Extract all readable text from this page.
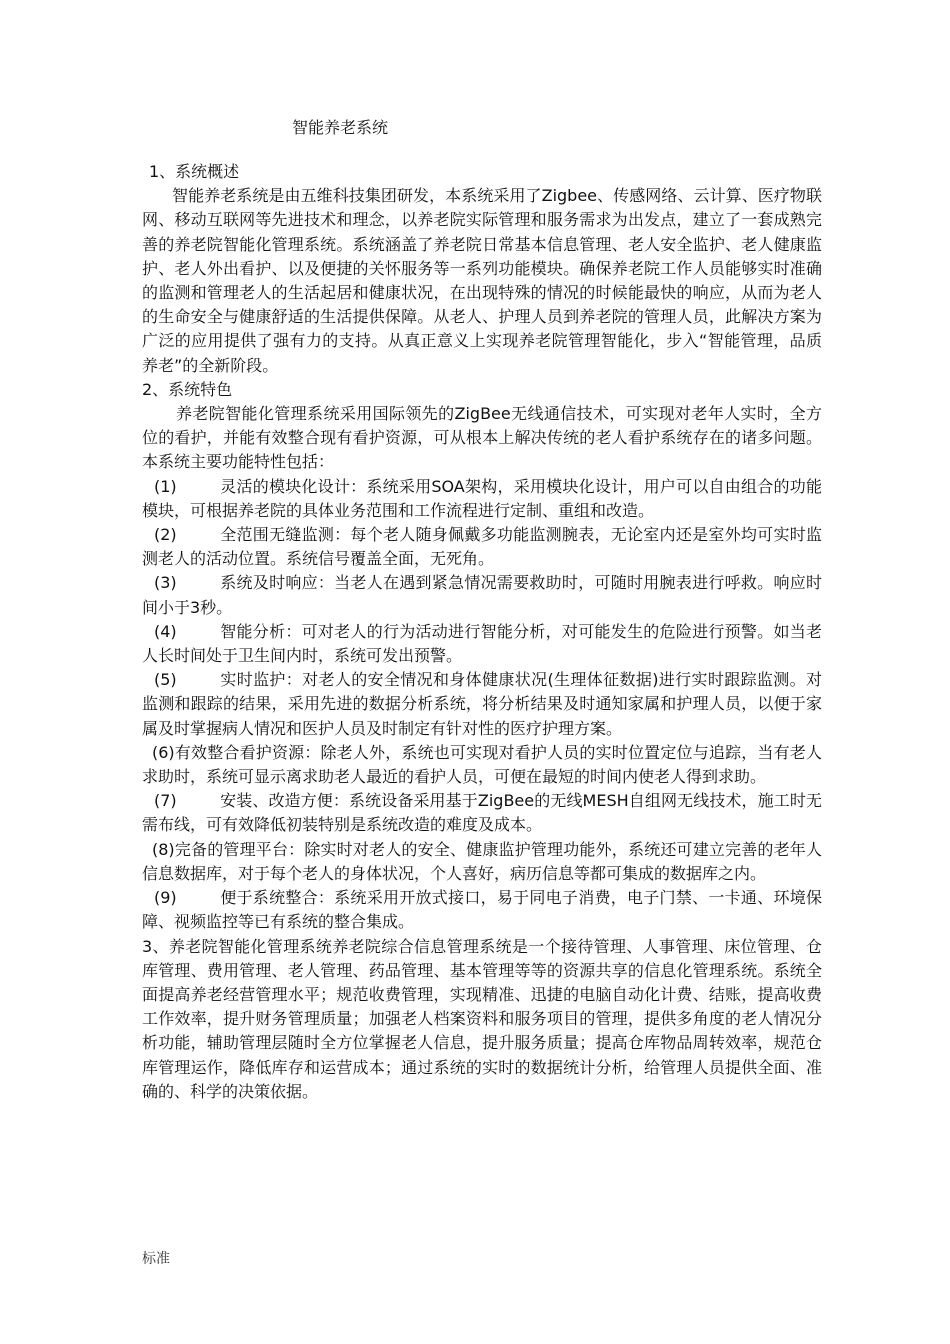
智能养老系统

1、系统概述

智能养老系统是由五维科技集团研发，本系统采用了Zigbee、传感网络、云计算、医疗物联网、移动互联网等先进技术和理念，以养老院实际管理和服务需求为出发点，建立了一套成熟完善的养老院智能化管理系统。系统涵盖了养老院日常基本信息管理、老人安全监护、老人健康监护、老人外出看护、以及便捷的关怀服务等一系列功能模块。确保养老院工作人员能够实时准确的监测和管理老人的生活起居和健康状况，在出现特殊的情况的时候能最快的响应，从而为老人的生命安全与健康舒适的生活提供保障。从老人、护理人员到养老院的管理人员，此解决方案为广泛的应用提供了强有力的支持。从真正意义上实现养老院管理智能化，步入“智能管理，品质养老”的全新阶段。

2、系统特色

养老院智能化管理系统采用国际领先的ZigBee无线通信技术，可实现对老年人实时，全方位的看护，并能有效整合现有看护资源，可从根本上解决传统的老人看护系统存在的诸多问题。本系统主要功能特性包括：

(1)	灵活的模块化设计：系统采用SOA架构，采用模块化设计，用户可以自由组合的功能模块，可根据养老院的具体业务范围和工作流程进行定制、重组和改造。

(2)	全范围无缝监测：每个老人随身佩戴多功能监测腕表，无论室内还是室外均可实时监测老人的活动位置。系统信号覆盖全面，无死角。

(3)	系统及时响应：当老人在遇到紧急情况需要救助时，可随时用腕表进行呼救。响应时间小于3秒。

(4)	智能分析：可对老人的行为活动进行智能分析，对可能发生的危险进行预警。如当老人长时间处于卫生间内时，系统可发出预警。

(5)	实时监护：对老人的安全情况和身体健康状况(生理体征数据)进行实时跟踪监测。对监测和跟踪的结果，采用先进的数据分析系统，将分析结果及时通知家属和护理人员，以便于家属及时掌握病人情况和医护人员及时制定有针对性的医疗护理方案。

(6)有效整合看护资源：除老人外，系统也可实现对看护人员的实时位置定位与追踪，当有老人求助时，系统可显示离求助老人最近的看护人员，可便在最短的时间内使老人得到求助。

(7)	安装、改造方便：系统设备采用基于ZigBee的无线MESH自组网无线技术，施工时无需布线，可有效降低初装特别是系统改造的难度及成本。

(8)完备的管理平台：除实时对老人的安全、健康监护管理功能外，系统还可建立完善的老年人信息数据库，对于每个老人的身体状况，个人喜好，病历信息等都可集成的数据库之内。

(9)	便于系统整合：系统采用开放式接口，易于同电子消费，电子门禁、一卡通、环境保障、视频监控等已有系统的整合集成。

3、养老院智能化管理系统养老院综合信息管理系统是一个接待管理、人事管理、床位管理、仓库管理、费用管理、老人管理、药品管理、基本管理等等的资源共享的信息化管理系统。系统全面提高养老经营管理水平；规范收费管理，实现精准、迅捷的电脑自动化计费、结账，提高收费工作效率，提升财务管理质量；加强老人档案资料和服务项目的管理，提供多角度的老人情况分析功能，辅助管理层随时全方位掌握老人信息，提升服务质量；提高仓库物品周转效率，规范仓库管理运作，降低库存和运营成本；通过系统的实时的数据统计分析，给管理人员提供全面、准确的、科学的决策依据。

标准
